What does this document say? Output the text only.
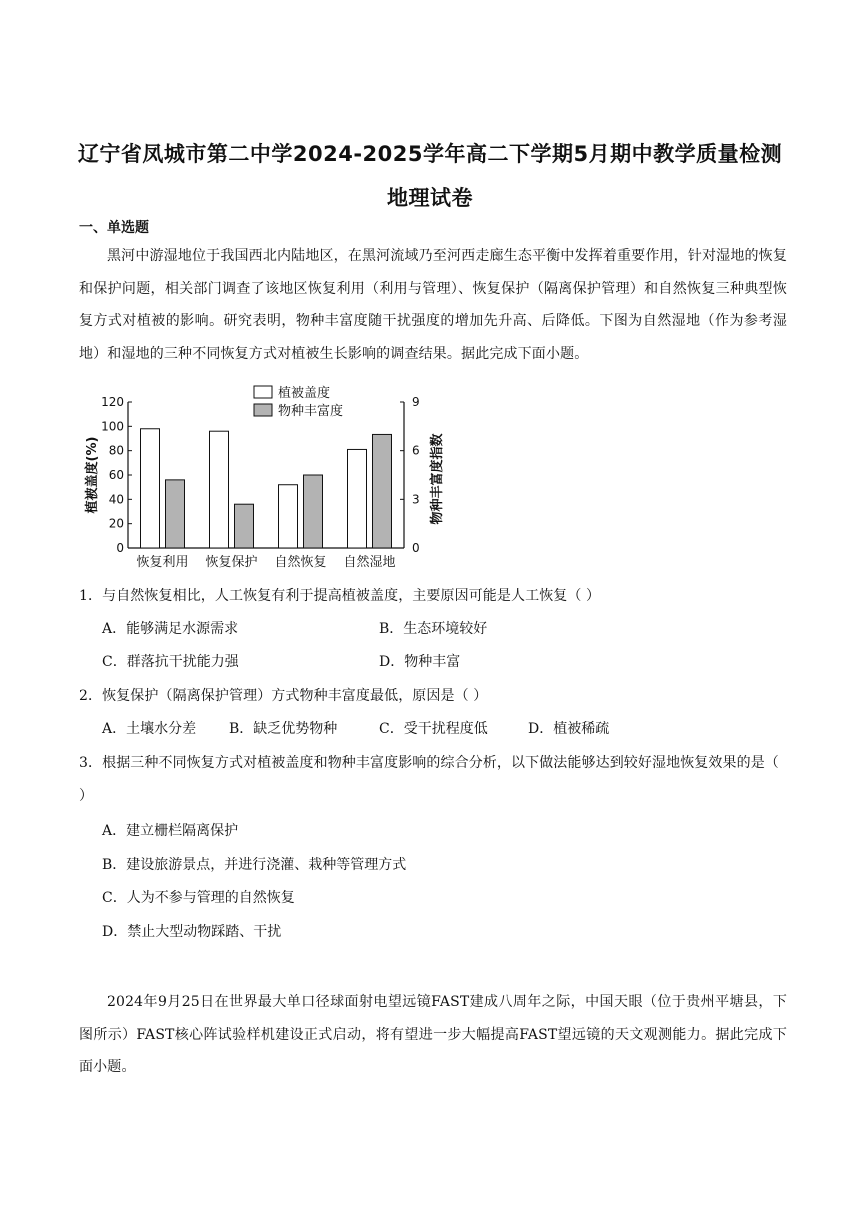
辽宁省凤城市第二中学2024-2025学年高二下学期5月期中教学质量检测
地理试卷
一、单选题
黑河中游湿地位于我国西北内陆地区，在黑河流域乃至河西走廊生态平衡中发挥着重要作用，针对湿地的恢复和保护问题，相关部门调查了该地区恢复利用（利用与管理）、恢复保护（隔离保护管理）和自然恢复三种典型恢复方式对植被的影响。研究表明，物种丰富度随干扰强度的增加先升高、后降低。下图为自然湿地（作为参考湿地）和湿地的三种不同恢复方式对植被生长影响的调查结果。据此完成下面小题。
0
20
40
60
80
100
120
0
3
6
9
恢复利用 恢复保护 自然恢复 自然湿地
植被盖度(%)	物种丰富度指数
植被盖度
物种丰富度
1．与自然恢复相比，人工恢复有利于提高植被盖度，主要原因可能是人工恢复（ ）
A．能够满足水源需求	B．生态环境较好
C．群落抗干扰能力强	D．物种丰富
2．恢复保护（隔离保护管理）方式物种丰富度最低，原因是（ ）
A．土壤水分差 B．缺乏优势物种	C．受干扰程度低	D．植被稀疏
3．根据三种不同恢复方式对植被盖度和物种丰富度影响的综合分析，以下做法能够达到较好湿地恢复效果的是（ ）
A．建立栅栏隔离保护
B．建设旅游景点，并进行浇灌、栽种等管理方式
C．人为不参与管理的自然恢复
D．禁止大型动物踩踏、干扰
2024年9月25日在世界最大单口径球面射电望远镜FAST建成八周年之际，中国天眼（位于贵州平塘县，下图所示）FAST核心阵试验样机建设正式启动，将有望进一步大幅提高FAST望远镜的天文观测能力。据此完成下面小题。
